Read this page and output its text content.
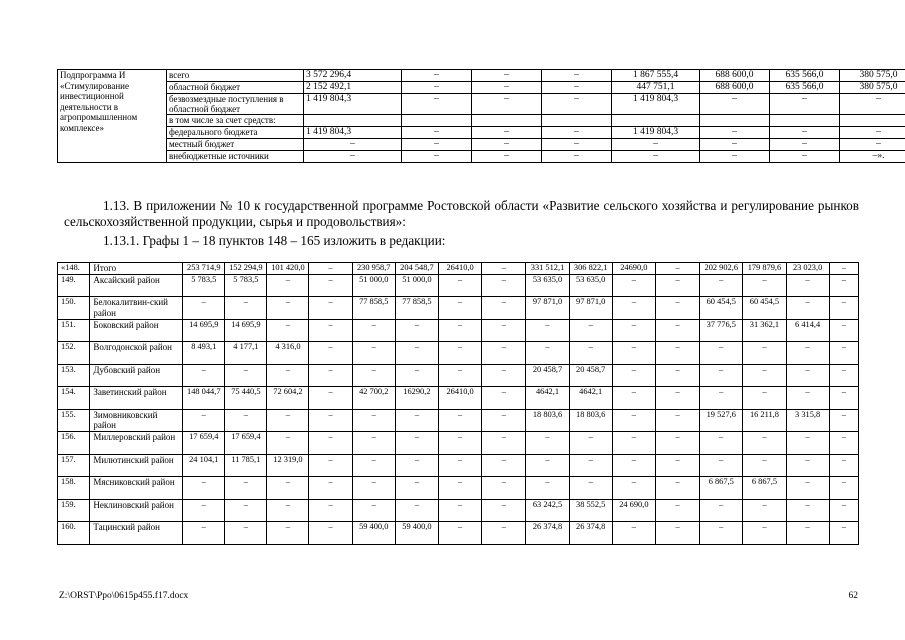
Подпрограмма И «Стимулирование инвестиционной деятельности в агропромышленном комплексе»	всего	3 572 296,4	–	–	–	1 867 555,4	688 600,0	635 566,0	380 575,0
	областной бюджет	2 152 492,1	–	–	–	447 751,1	688 600,0	635 566,0	380 575,0
	безвозмездные поступления в областной бюджет	1 419 804,3	–	–	–	1 419 804,3	–	–	–
	в том числе за счет средств:								
	федерального бюджета	1 419 804,3	–	–	–	1 419 804,3	–	–	–
	местный бюджет	–	–	–	–	–	–	–	–
	внебюджетные источники	–	–	–	–	–	–	–	–».
1.13. В приложении № 10 к государственной программе Ростовской области «Развитие сельского хозяйства и регулирование рынков сельскохозяйственной продукции, сырья и продовольствия»:
1.13.1. Графы 1 – 18 пунктов 148 – 165 изложить в редакции:
«148.	Итого	253 714,9	152 294,9	101 420,0	–	230 958,7	204 548,7	26410,0	–	331 512,1	306 822,1	24690,0	–	202 902,6	179 879,6	23 023,0	–
149.	Аксайский район	5 783,5	5 783,5	–	–	51 000,0	51 000,0	–	–	53 635,0	53 635,0	–	–	–	–	–	–
150.	Белокалитвин-ский район	–	–	–	–	77 858,5	77 858,5	–	–	97 871,0	97 871,0	–	–	60 454,5	60 454,5	–	–
151.	Боковский район	14 695,9	14 695,9	–	–	–	–	–	–	–	–	–	–	37 776,5	31 362,1	6 414,4	–
152.	Волгодонской район	8 493,1	4 177,1	4 316,0	–	–	–	–	–	–	–	–	–	–	–	–	–
153.	Дубовский район	–	–	–	–	–	–	–	–	20 458,7	20 458,7	–	–	–	–	–	–
154.	Заветинский район	148 044,7	75 440,5	72 604,2	–	42 700,2	16290,2	26410,0	–	4642,1	4642,1	–	–	–	–	–	–
155.	Зимовниковский район	–	–	–	–	–	–	–	–	18 803,6	18 803,6	–	–	19 527,6	16 211,8	3 315,8	–
156.	Миллеровский район	17 659,4	17 659,4	–	–	–	–	–	–	–	–	–	–	–	–	–	–
157.	Милютинский район	24 104,1	11 785,1	12 319,0	–	–	–	–	–	–	–	–	–	–	–	–	–
158.	Мясниковский район	–	–	–	–	–	–	–	–	–	–	–	–	6 867,5	6 867,5	–	–
159.	Неклиновский район	–	–	–	–	–	–	–	–	63 242,5	38 552,5	24 690,0	–	–	–	–	–
160.	Тацинский район	–	–	–	–	59 400,0	59 400,0	–	–	26 374,8	26 374,8	–	–	–	–	–	–
Z:\ORST\Ppo\0615p455.f17.docx	62
